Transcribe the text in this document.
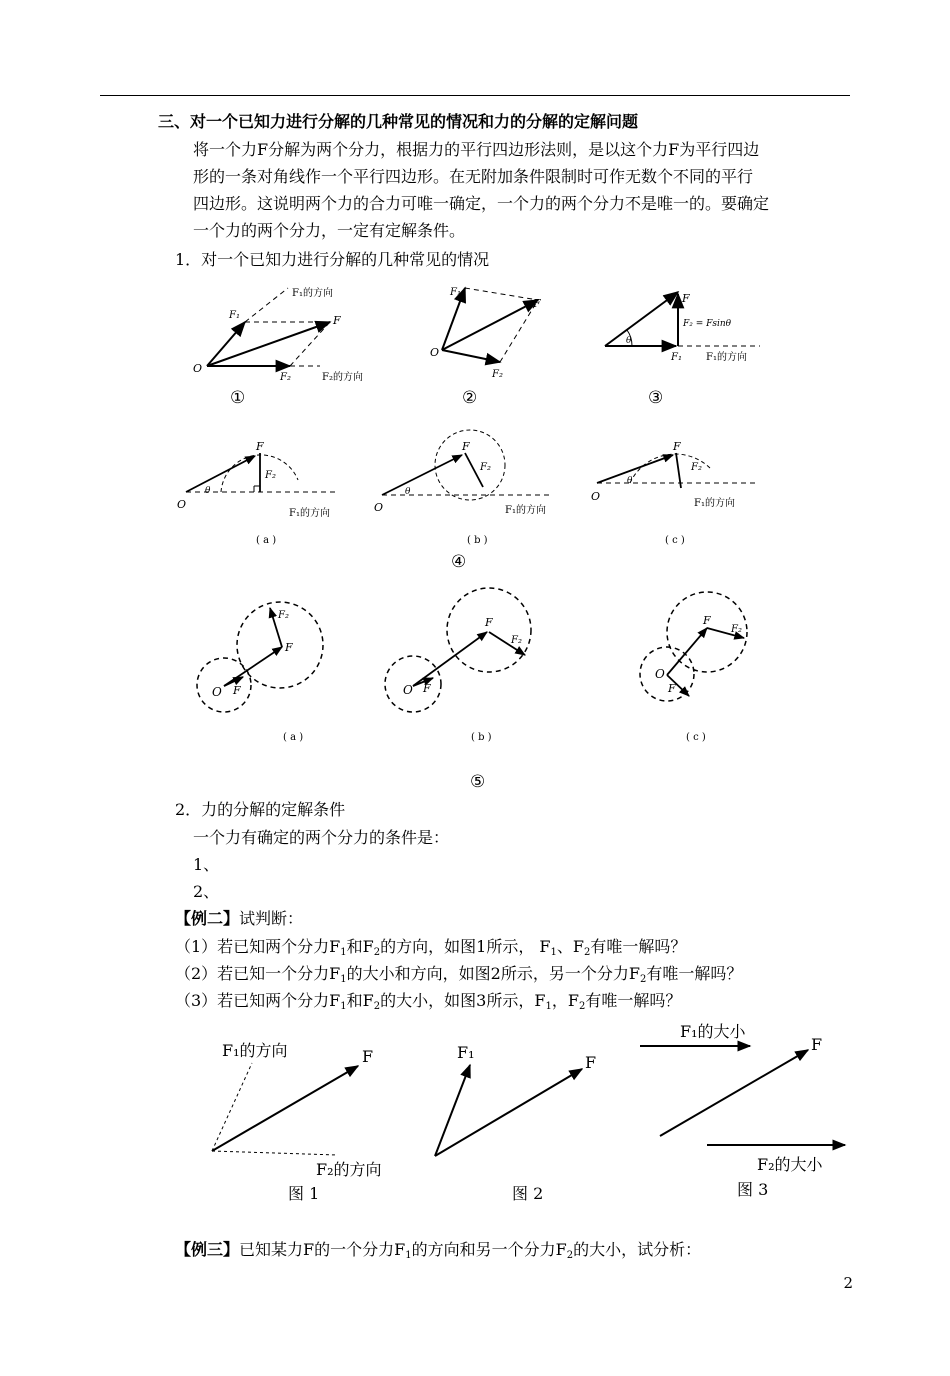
三、对一个已知力进行分解的几种常见的情况和力的分解的定解问题
将一个力F分解为两个分力，根据力的平行四边形法则，是以这个力F为平行四边
形的一条对角线作一个平行四边形。在无附加条件限制时可作无数个不同的平行
四边形。这说明两个力的合力可唯一确定，一个力的两个分力不是唯一的。要确定
一个力的两个分力，一定有定解条件。
1．对一个已知力进行分解的几种常见的情况
O
F
F₁
F₂
F₁的方向
F₂的方向
O
F
F₁
F₂
F
F₂ = Fsinθ
θ
F₁ F₁的方向
①	②	③
O
F
F₂
θ
F₁的方向
( a )
O
F
F₂
θ
F₁的方向
( b )
O
F
F₂
θ
F₁的方向
( c )
④
O F
F
F₂
( a )
O F
F
F₂
( b )
O
F
F
F₂
( c )
⑤
2．力的分解的定解条件
一个力有确定的两个分力的条件是：
1、
2、
【例二】试判断：
（1）若已知两个分力$F_1$和$F_2$的方向，如图1所示， $F_1$、$F_2$有唯一解吗？
（2）若已知一个分力$F_1$的大小和方向，如图2所示，另一个分力$F_2$有唯一解吗？
（3）若已知两个分力$F_1$和$F_2$的大小，如图3所示，$F_1$，$F_2$有唯一解吗？
F₁的方向	F
F₂的方向
图 1
F₁
F
图 2
F₁的大小
F
F₂的大小
图 3
【例三】已知某力F的一个分力$F_1$的方向和另一个分力$F_2$的大小，试分析：
2
